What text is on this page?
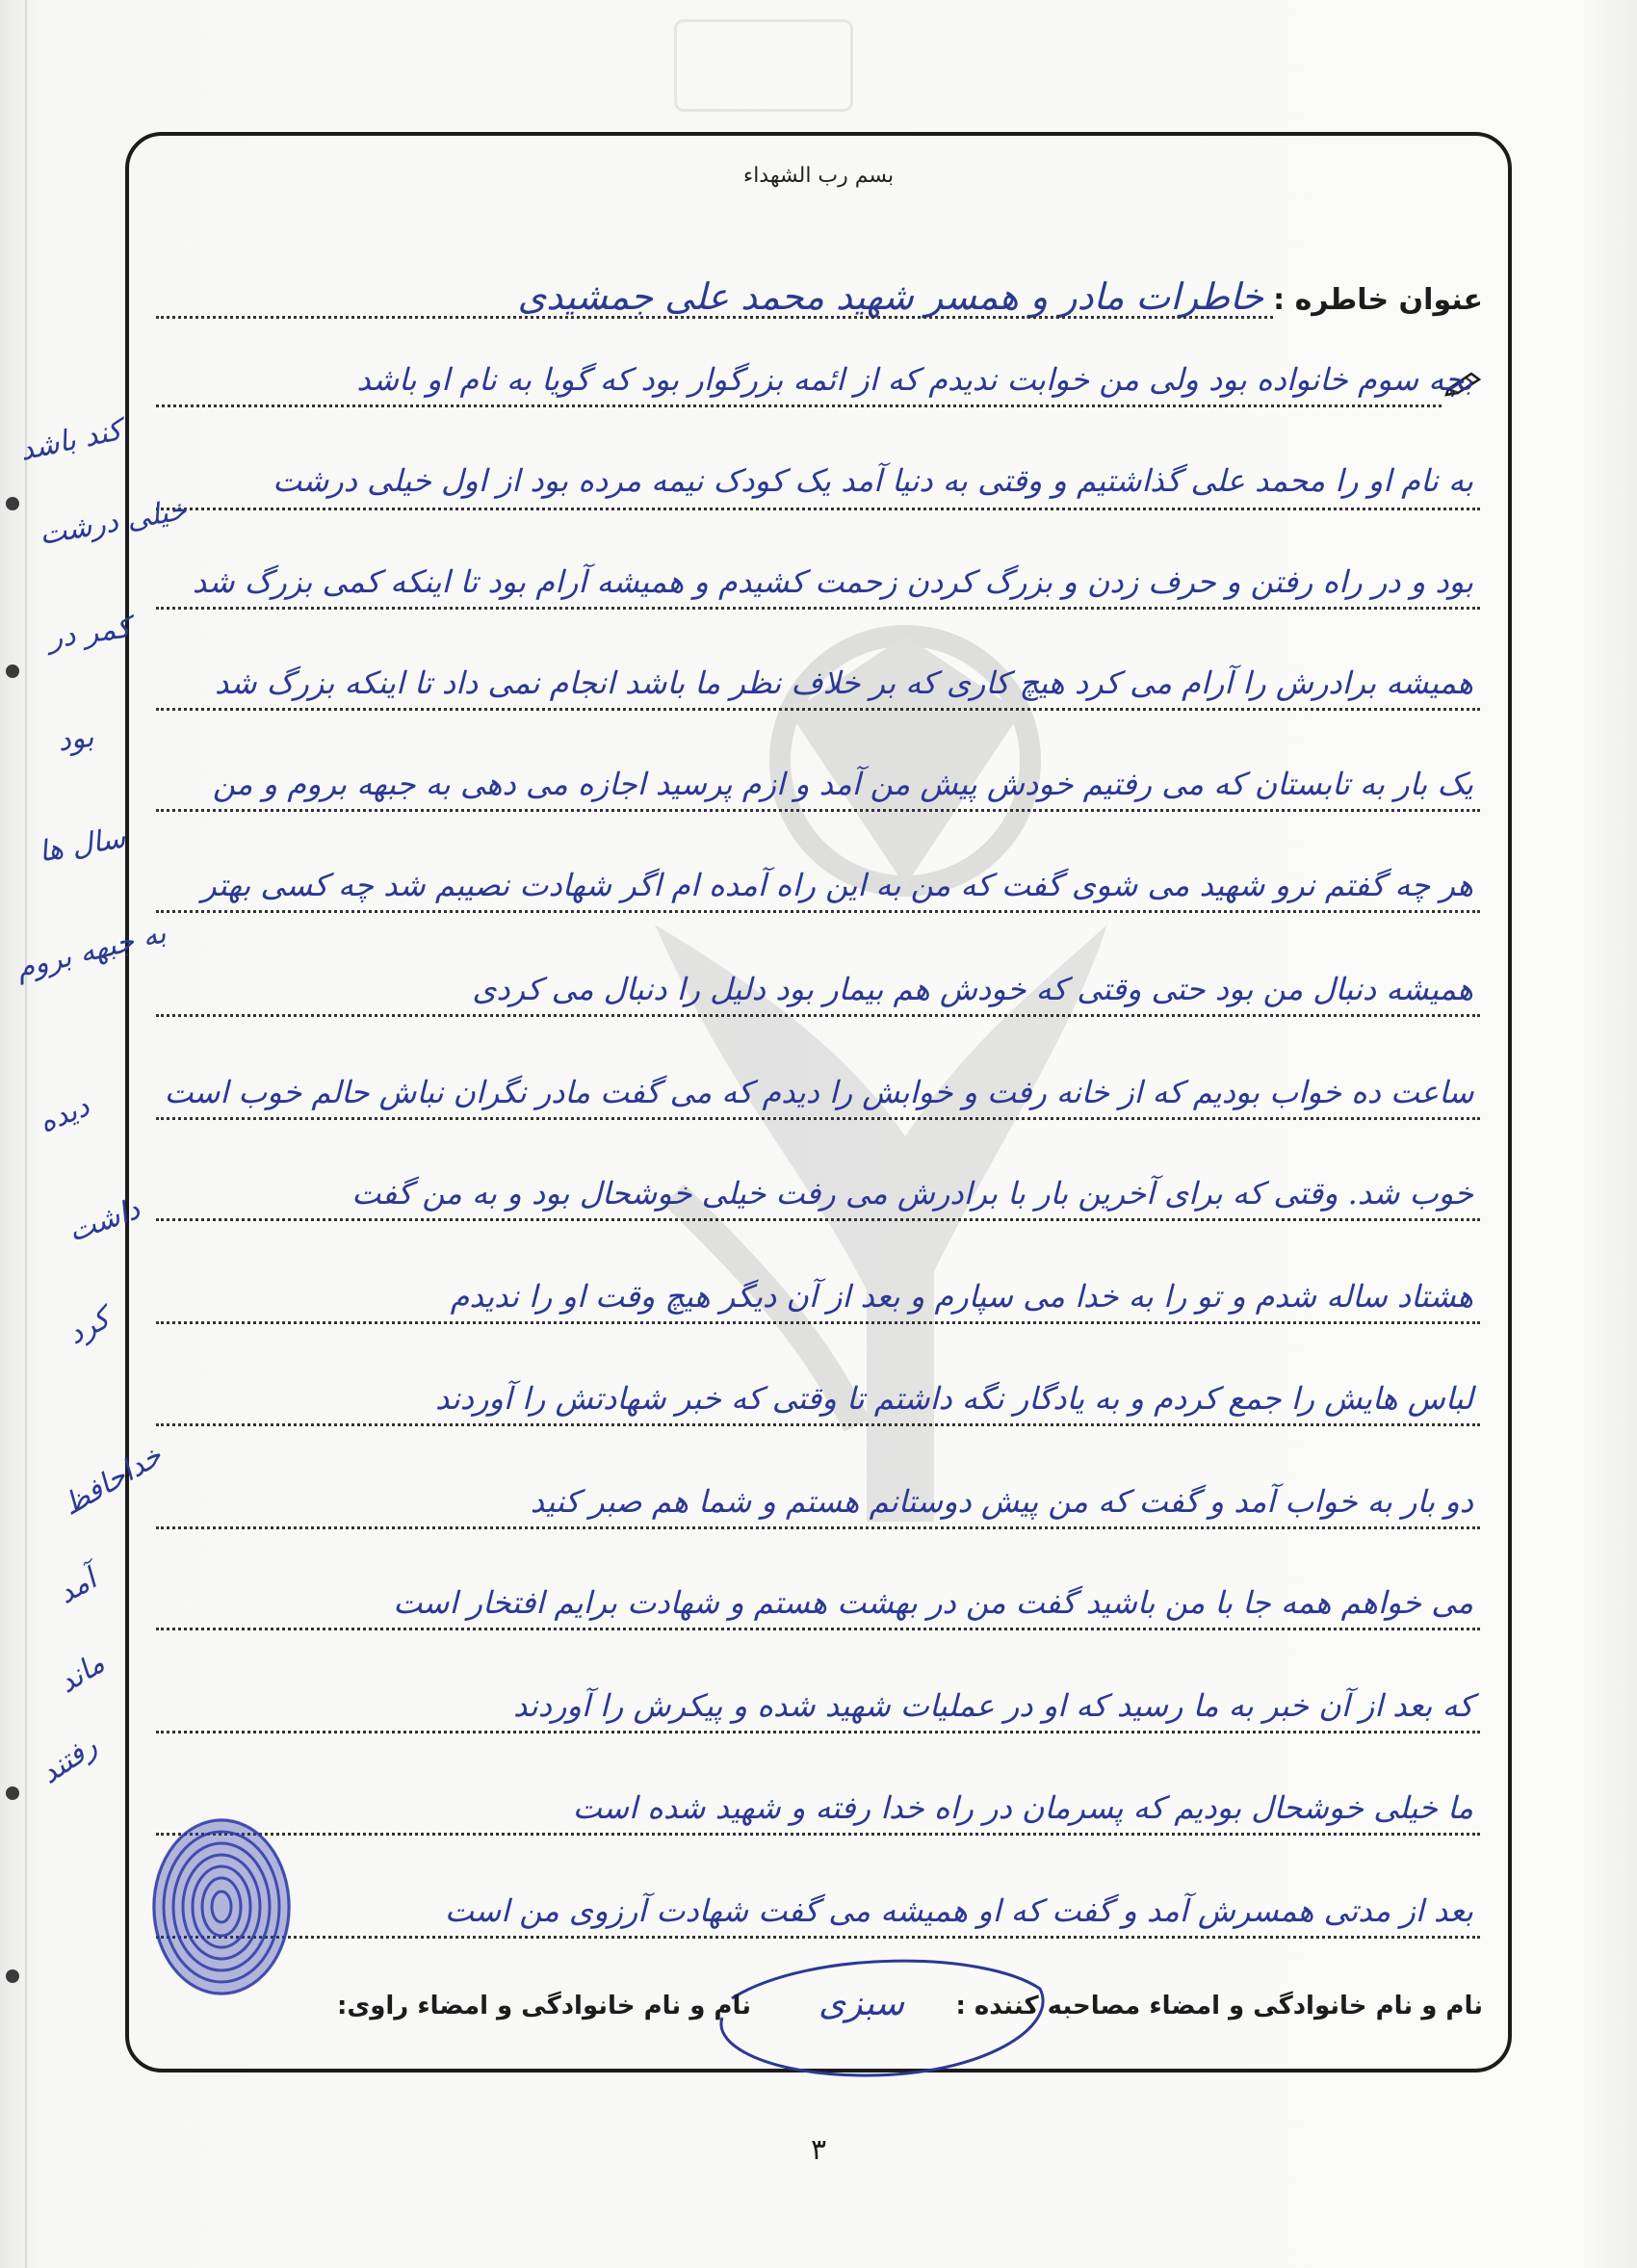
بسم رب الشهداء
عنوان خاطره :
خاطرات مادر و همسر شهید محمد علی جمشیدی
بچه سوم خانواده بود ولی من خوابت ندیدم که از ائمه بزرگوار بود که گویا به نام او باشد
به نام او را محمد علی گذاشتیم و وقتی به دنیا آمد یک کودک نیمه مرده بود از اول خیلی درشت
بود و در راه رفتن و حرف زدن و بزرگ کردن زحمت کشیدم و همیشه آرام بود تا اینکه کمی بزرگ شد
همیشه برادرش را آرام می کرد هیچ کاری که بر خلاف نظر ما باشد انجام نمی داد تا اینکه بزرگ شد
یک بار به تابستان که می رفتیم خودش پیش من آمد و ازم پرسید اجازه می دهی به جبهه بروم و من
هر چه گفتم نرو شهید می شوی گفت که من به این راه آمده ام اگر شهادت نصیبم شد چه کسی بهتر
همیشه دنبال من بود حتی وقتی که خودش هم بیمار بود دلیل را دنبال می کردی
ساعت ده خواب بودیم که از خانه رفت و خوابش را دیدم که می گفت مادر نگران نباش حالم خوب است
خوب شد. وقتی که برای آخرین بار با برادرش می رفت خیلی خوشحال بود و به من گفت
هشتاد ساله شدم و تو را به خدا می سپارم و بعد از آن دیگر هیچ وقت او را ندیدم
لباس هایش را جمع کردم و به یادگار نگه داشتم تا وقتی که خبر شهادتش را آوردند
دو بار به خواب آمد و گفت که من پیش دوستانم هستم و شما هم صبر کنید
می خواهم همه جا با من باشید گفت من در بهشت هستم و شهادت برایم افتخار است
که بعد از آن خبر به ما رسید که او در عملیات شهید شده و پیکرش را آوردند
ما خیلی خوشحال بودیم که پسرمان در راه خدا رفته و شهید شده است
بعد از مدتی همسرش آمد و گفت که او همیشه می گفت شهادت آرزوی من است
کند باشد
خیلی درشت
کمر در
بود
سال ها
به جبهه بروم
دیده
داشت
کرد
خداحافظ
آمد
ماند
رفتند
سبزی نام و نام خانوادگی و امضاء مصاحبه کننده :
نام و نام خانوادگی و امضاء راوی:
۳
